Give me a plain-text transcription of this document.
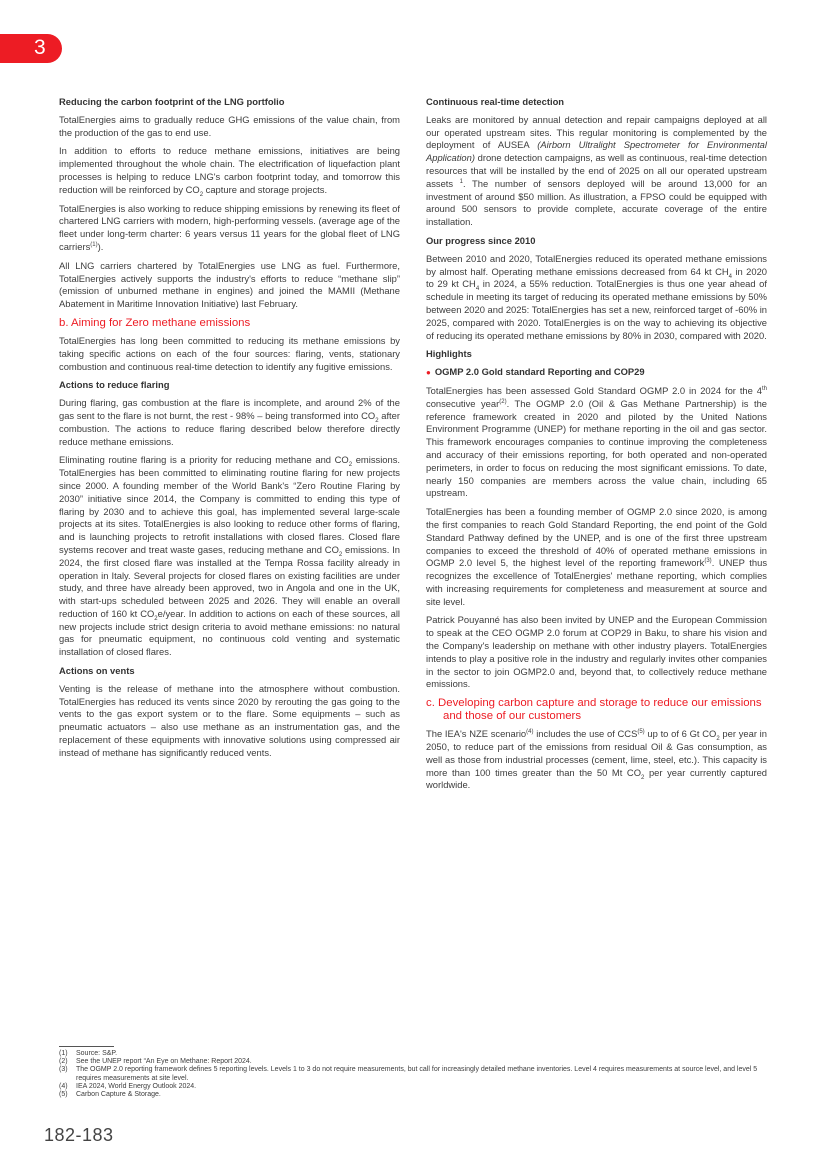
3
Reducing the carbon footprint of the LNG portfolio

TotalEnergies aims to gradually reduce GHG emissions of the value chain, from the production of the gas to end use.

In addition to efforts to reduce methane emissions, initiatives are being implemented throughout the whole chain. The electrification of liquefaction plant processes is helping to reduce LNG's carbon footprint today, and tomorrow this reduction will be reinforced by $CO_2$ capture and storage projects.

TotalEnergies is also working to reduce shipping emissions by renewing its fleet of chartered LNG carriers with modern, high-performing vessels. (average age of the fleet under long-term charter: 6 years versus 11 years for the global fleet of LNG carriers$^{(1)}$).

All LNG carriers chartered by TotalEnergies use LNG as fuel. Furthermore, TotalEnergies actively supports the industry's efforts to reduce “methane slip” (emission of unburned methane in engines) and joined the MAMII (Methane Abatement in Maritime Innovation Initiative) last February.

b. Aiming for Zero methane emissions

TotalEnergies has long been committed to reducing its methane emissions by taking specific actions on each of the four sources: flaring, vents, stationary combustion and continuous real-time detection to identify any fugitive emissions.

Actions to reduce flaring

During flaring, gas combustion at the flare is incomplete, and around 2% of the gas sent to the flare is not burnt, the rest - 98% – being transformed into $CO_2$ after combustion. The actions to reduce flaring described below therefore directly reduce methane emissions.

Eliminating routine flaring is a priority for reducing methane and $CO_2$ emissions. TotalEnergies has been committed to eliminating routine flaring for new projects since 2000. A founding member of the World Bank's “Zero Routine Flaring by 2030” initiative since 2014, the Company is committed to ending this type of flaring by 2030 and to achieve this goal, has implemented several large-scale projects at its sites. TotalEnergies is also looking to reduce other forms of flaring, and is launching projects to retrofit installations with closed flares. Closed flare systems recover and treat waste gases, reducing methane and $CO_2$ emissions. In 2024, the first closed flare was installed at the Tempa Rossa facility already in operation in Italy. Several projects for closed flares on existing facilities are under study, and three have already been approved, two in Angola and one in the UK, with start-ups scheduled between 2025 and 2026. They will enable an overall reduction of 160 kt $CO_2e$/year. In addition to actions on each of these sources, all new projects include strict design criteria to avoid methane emissions: no natural gas for pneumatic equipment, no continuous cold venting and systematic installation of closed flares.

Actions on vents

Venting is the release of methane into the atmosphere without combustion. TotalEnergies has reduced its vents since 2020 by rerouting the gas going to the vents to the gas export system or to the flare. Some equipments – such as pneumatic actuators – also use methane as an instrumentation gas, and the replacement of these equipments with innovative solutions using compressed air instead of methane has significantly reduced vents.

Continuous real-time detection

Leaks are monitored by annual detection and repair campaigns deployed at all our operated upstream sites. This regular monitoring is complemented by the deployment of AUSEA (Airborn Ultralight Spectrometer for Environmental Application) drone detection campaigns, as well as continuous, real-time detection resources that will be installed by the end of 2025 on all our operated upstream assets $^1$. The number of sensors deployed will be around 13,000 for an investment of around $50 million. As illustration, a FPSO could be equipped with around 500 sensors to provide complete, accurate coverage of the entire installation.

Our progress since 2010

Between 2010 and 2020, TotalEnergies reduced its operated methane emissions by almost half. Operating methane emissions decreased from 64 kt $CH_4$ in 2020 to 29 kt $CH_4$ in 2024, a 55% reduction. TotalEnergies is thus one year ahead of schedule in meeting its target of reducing its operated methane emissions by 50% between 2020 and 2025: TotalEnergies has set a new, reinforced target of -60% in 2025, compared with 2020. TotalEnergies is on the way to achieving its objective of reducing its operated methane emissions by 80% in 2030, compared with 2020.

Highlights
● OGMP 2.0 Gold standard Reporting and COP29

TotalEnergies has been assessed Gold Standard OGMP 2.0 in 2024 for the 4th consecutive year$^{(2)}$. The OGMP 2.0 (Oil & Gas Methane Partnership) is the reference framework created in 2020 and piloted by the United Nations Environment Programme (UNEP) for methane reporting in the oil and gas sector. This framework encourages companies to continue improving the completeness and accuracy of their emissions reporting, for both operated and non-operated perimeters, in order to focus on reducing the most significant emissions. To date, nearly 150 companies are members across the value chain, including 65 upstream.

TotalEnergies has been a founding member of OGMP 2.0 since 2020, is among the first companies to reach Gold Standard Reporting, the end point of the Gold Standard Pathway defined by the UNEP, and is one of the first three upstream companies to exceed the threshold of 40% of operated methane emissions in OGMP 2.0 level 5, the highest level of the reporting framework$^{(3)}$. UNEP thus recognizes the excellence of TotalEnergies' methane reporting, which complies with increasing requirements for completeness and measurement at source and site level.

Patrick Pouyanné has also been invited by UNEP and the European Commission to speak at the CEO OGMP 2.0 forum at COP29 in Baku, to share his vision and the Company's leadership on methane with other industry players. TotalEnergies intends to play a positive role in the industry and regularly invites other companies in the sector to join OGMP2.0 and, beyond that, to collectively reduce methane emissions.

c. Developing carbon capture and storage to reduce our emissions and those of our customers

The IEA's NZE scenario$^{(4)}$ includes the use of CCS$^{(5)}$ up to of 6 Gt $CO_2$ per year in 2050, to reduce part of the emissions from residual Oil & Gas consumption, as well as those from industrial processes (cement, lime, steel, etc.). This capacity is more than 100 times greater than the 50 Mt $CO_2$ per year currently captured worldwide.

(1)	Source: S&P.
(2)	See the UNEP report “An Eye on Methane: Report 2024.
(3)	The OGMP 2.0 reporting framework defines 5 reporting levels. Levels 1 to 3 do not require measurements, but call for increasingly detailed methane inventories. Level 4 requires measurements at source level, and level 5 requires measurements at site level.
(4)	IEA 2024, World Energy Outlook 2024.
(5)	Carbon Capture & Storage.
182-183
